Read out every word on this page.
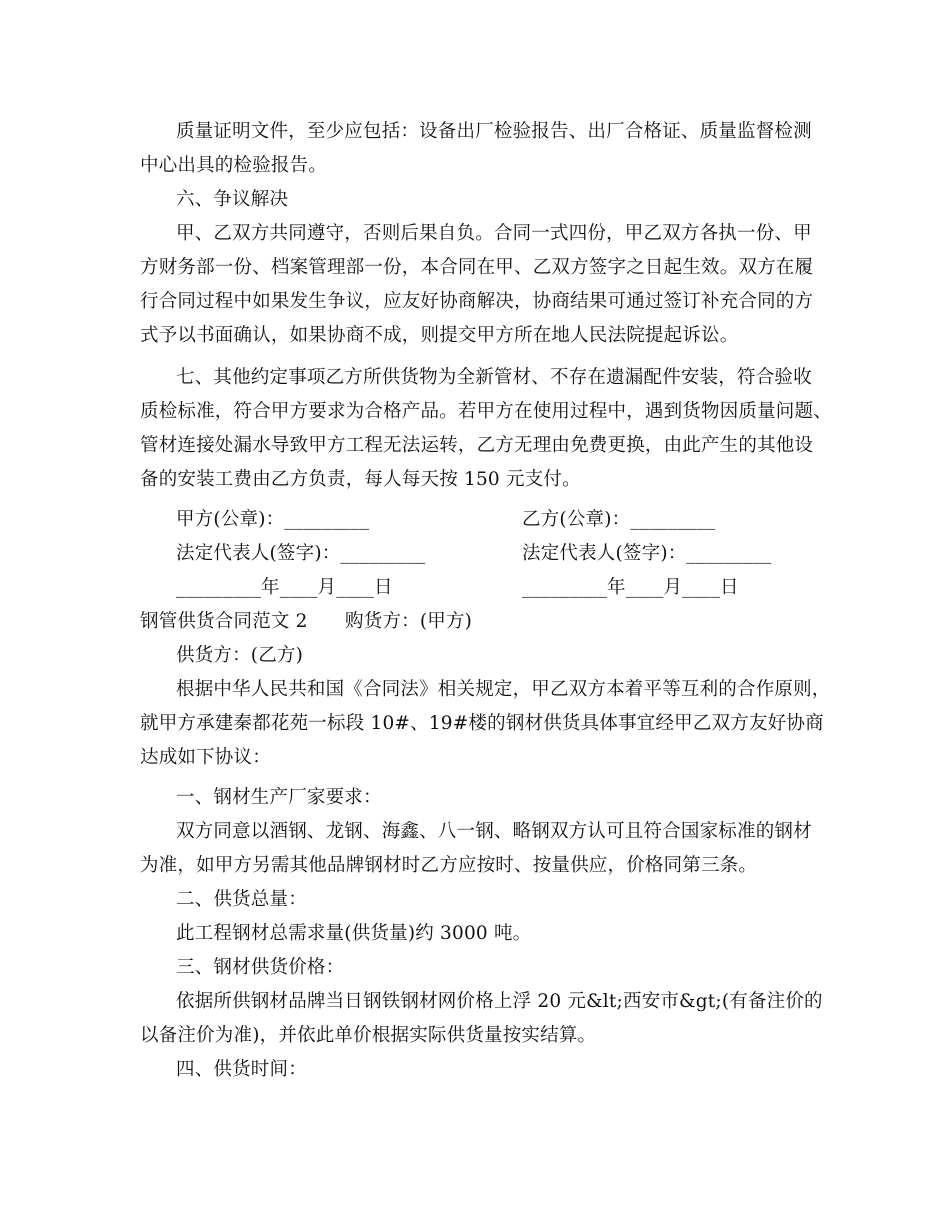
质量证明文件，至少应包括：设备出厂检验报告、出厂合格证、质量监督检测
中心出具的检验报告。
六、争议解决
甲、乙双方共同遵守，否则后果自负。合同一式四份，甲乙双方各执一份、甲
方财务部一份、档案管理部一份，本合同在甲、乙双方签字之日起生效。双方在履
行合同过程中如果发生争议，应友好协商解决，协商结果可通过签订补充合同的方
式予以书面确认，如果协商不成，则提交甲方所在地人民法院提起诉讼。
七、其他约定事项乙方所供货物为全新管材、不存在遗漏配件安装，符合验收
质检标准，符合甲方要求为合格产品。若甲方在使用过程中，遇到货物因质量问题、
管材连接处漏水导致甲方工程无法运转，乙方无理由免费更换，由此产生的其他设
备的安装工费由乙方负责，每人每天按 150 元支付。
甲方(公章)：_________	乙方(公章)：_________
法定代表人(签字)：_________	法定代表人(签字)：_________
_________年____月____日	_________年____月____日
钢管供货合同范文 2　　购货方：(甲方)
供货方：(乙方)
根据中华人民共和国《合同法》相关规定，甲乙双方本着平等互利的合作原则，
就甲方承建秦都花苑一标段 10#、19#楼的钢材供货具体事宜经甲乙双方友好协商
达成如下协议：
一、钢材生产厂家要求：
双方同意以酒钢、龙钢、海鑫、八一钢、略钢双方认可且符合国家标准的钢材
为准，如甲方另需其他品牌钢材时乙方应按时、按量供应，价格同第三条。
二、供货总量：
此工程钢材总需求量(供货量)约 3000 吨。
三、钢材供货价格：
依据所供钢材品牌当日钢铁钢材网价格上浮 20 元&lt;西安市&gt;(有备注价的
以备注价为准)，并依此单价根据实际供货量按实结算。
四、供货时间：
